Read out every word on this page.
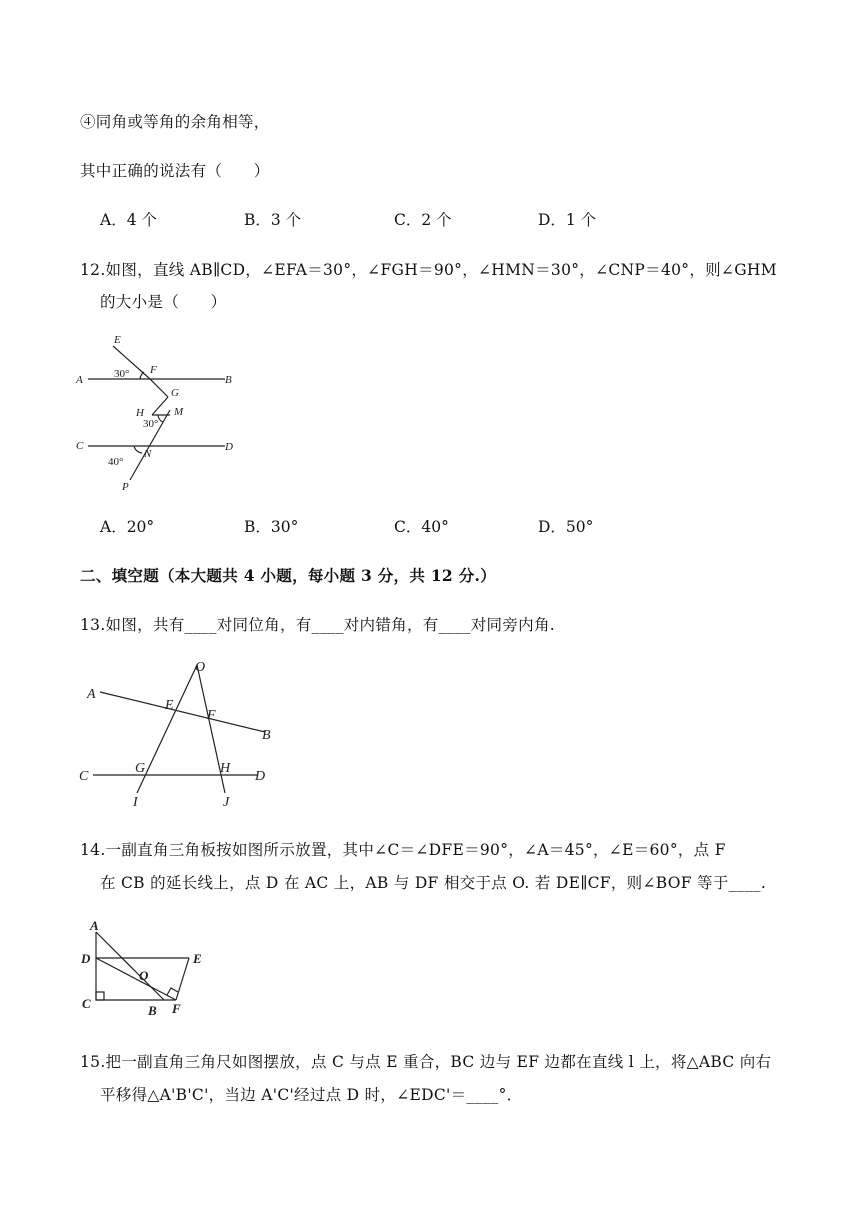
④同角或等角的余角相等，
其中正确的说法有（　　）
A．4 个	B．3 个	C．2 个	D．1 个
12.如图，直线 AB∥CD，∠EFA＝30°，∠FGH＝90°，∠HMN＝30°，∠CNP＝40°，则∠GHM
的大小是（　　）
E
A	30° F
B
G
H	M
30°
C
N
D
40°
P
A．20°	B．30°	C．40°	D．50°
二、填空题（本大题共 4 小题，每小题 3 分，共 12 分.）
13.如图，共有____对同位角，有____对内错角，有____对同旁内角.
O
A
E
F
B
C
G	H
D
I	J
14.一副直角三角板按如图所示放置，其中∠C＝∠DFE＝90°，∠A＝45°，∠E＝60°，点 F
在 CB 的延长线上，点 D 在 AC 上，AB 与 DF 相交于点 O. 若 DE∥CF，则∠BOF 等于____.
A
D	E
O
C	B F
15.把一副直角三角尺如图摆放，点 C 与点 E 重合，BC 边与 EF 边都在直线 l 上，将△ABC 向右
平移得△A'B'C'，当边 A'C'经过点 D 时，∠EDC'＝____°．
